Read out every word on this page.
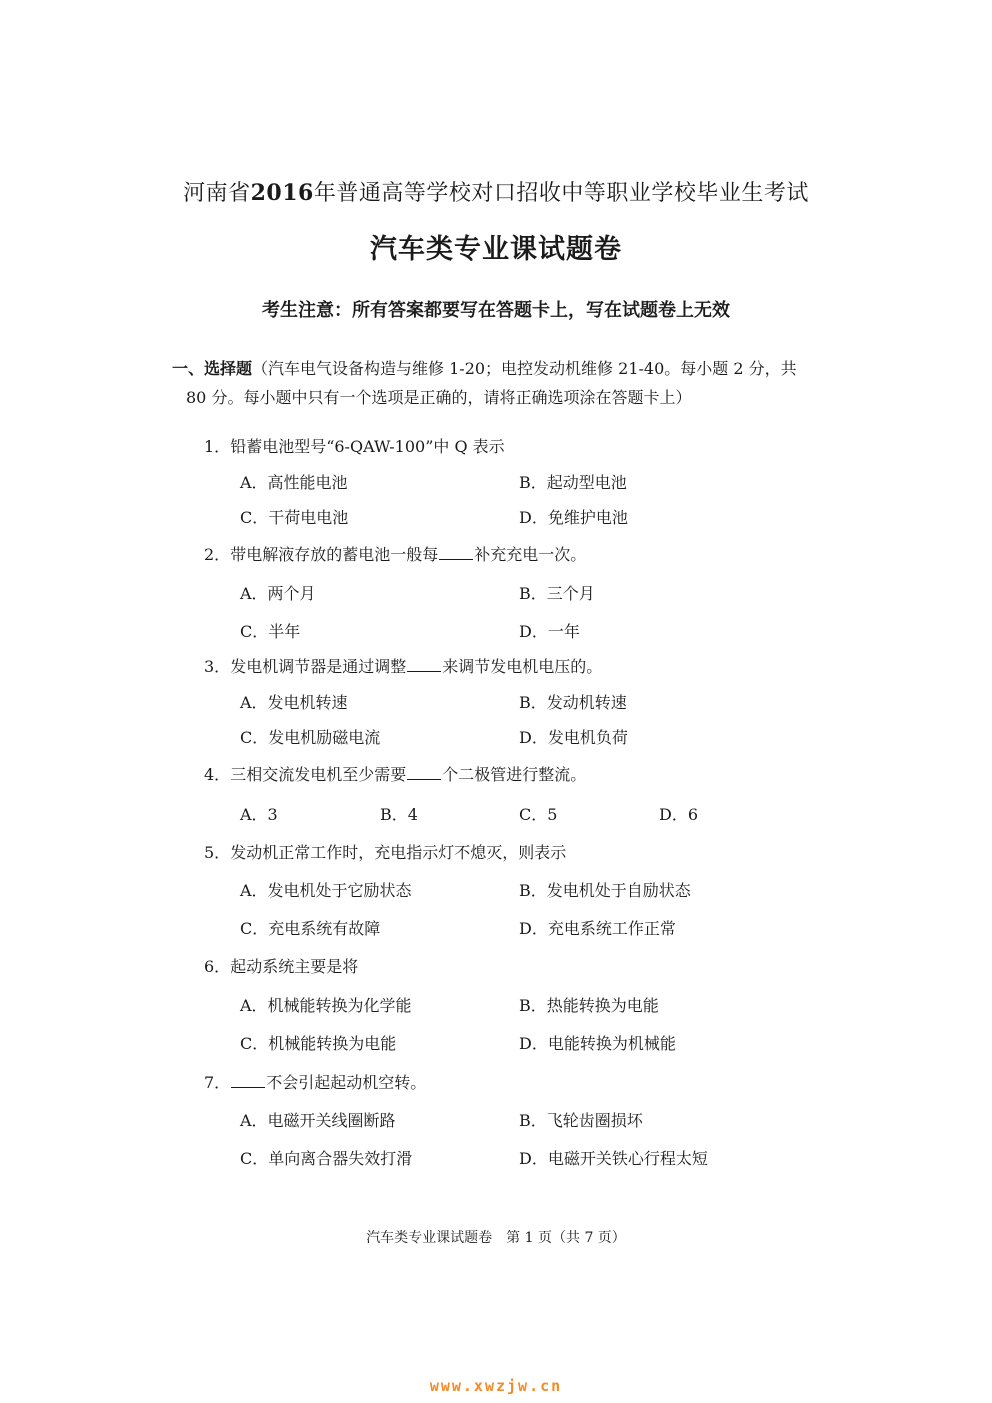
河南省2016年普通高等学校对口招收中等职业学校毕业生考试
汽车类专业课试题卷
考生注意：所有答案都要写在答题卡上，写在试题卷上无效
一、选择题（汽车电气设备构造与维修 1-20；电控发动机维修 21-40。每小题 2 分，共
80 分。每小题中只有一个选项是正确的，请将正确选项涂在答题卡上）
1．铅蓄电池型号“6-QAW-100”中 Q 表示
A．高性能电池	B．起动型电池
C．干荷电电池	D．免维护电池
2．带电解液存放的蓄电池一般每 补充充电一次。
A．两个月	B．三个月
C．半年	D．一年
3．发电机调节器是通过调整 来调节发电机电压的。
A．发电机转速	B．发动机转速
C．发电机励磁电流	D．发电机负荷
4．三相交流发电机至少需要 个二极管进行整流。
A．3	B．4	C．5	D．6
5．发动机正常工作时，充电指示灯不熄灭，则表示
A．发电机处于它励状态	B．发电机处于自励状态
C．充电系统有故障	D．充电系统工作正常
6．起动系统主要是将
A．机械能转换为化学能	B．热能转换为电能
C．机械能转换为电能	D．电能转换为机械能
7． 不会引起起动机空转。
A．电磁开关线圈断路	B．飞轮齿圈损坏
C．单向离合器失效打滑	D．电磁开关铁心行程太短
汽车类专业课试题卷　第 1 页（共 7 页）
www.xwzjw.cn
